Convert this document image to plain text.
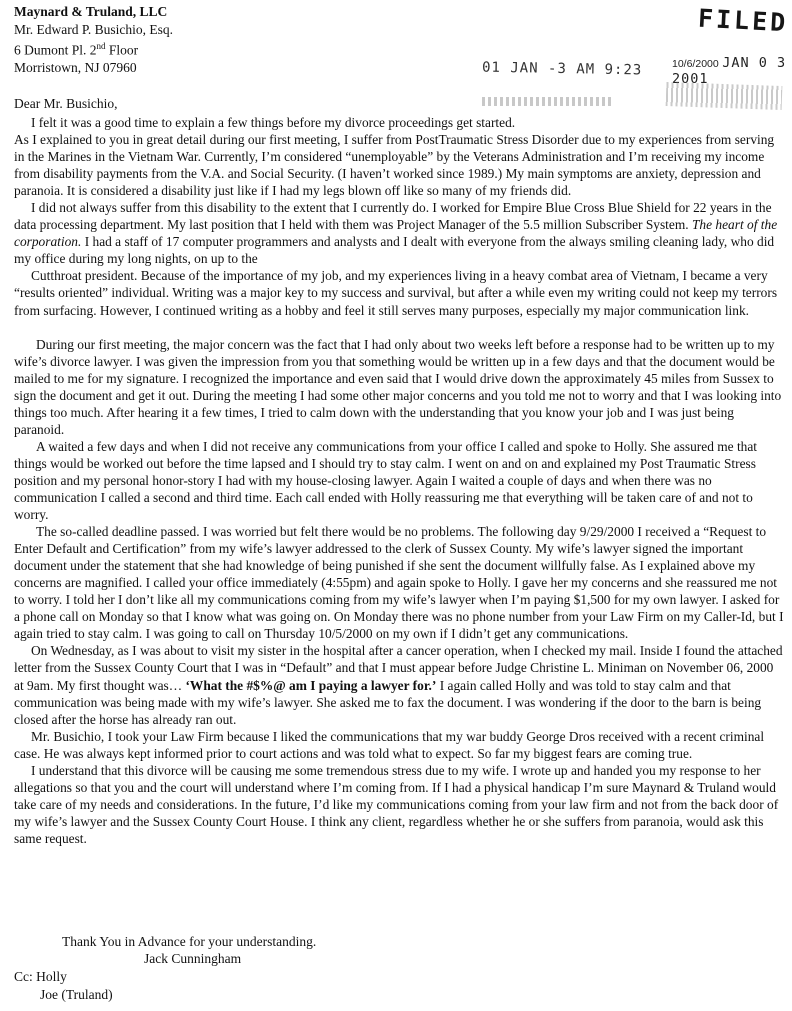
Maynard & Truland, LLC
Mr. Edward P. Busichio, Esq.
6 Dumont Pl. 2nd Floor
Morristown, NJ 07960
FILED
01 JAN -3 AM 9:23	10/6/2000 JAN 0 3 2001
Dear Mr. Busichio,

I felt it was a good time to explain a few things before my divorce proceedings get started.

As I explained to you in great detail during our first meeting, I suffer from PostTraumatic Stress Disorder due to my experiences from serving in the Marines in the Vietnam War. Currently, I’m considered “unemployable” by the Veterans Administration and I’m receiving my income from disability payments from the V.A. and Social Security. (I haven’t worked since 1989.) My main symptoms are anxiety, depression and paranoia. It is considered a disability just like if I had my legs blown off like so many of my friends did.

I did not always suffer from this disability to the extent that I currently do. I worked for Empire Blue Cross Blue Shield for 22 years in the data processing department. My last position that I held with them was Project Manager of the 5.5 million Subscriber System. The heart of the corporation. I had a staff of 17 computer programmers and analysts and I dealt with everyone from the always smiling cleaning lady, who did my office during my long nights, on up to the
Cutthroat president. Because of the importance of my job, and my experiences living in a heavy combat area of Vietnam, I became a very “results oriented” individual. Writing was a major key to my success and survival, but after a while even my writing could not keep my terrors from surfacing. However, I continued writing as a hobby and feel it still serves many purposes, especially my major communication link.

During our first meeting, the major concern was the fact that I had only about two weeks left before a response had to be written up to my wife’s divorce lawyer. I was given the impression from you that something would be written up in a few days and that the document would be mailed to me for my signature. I recognized the importance and even said that I would drive down the approximately 45 miles from Sussex to sign the document and get it out. During the meeting I had some other major concerns and you told me not to worry and that I was looking into things too much. After hearing it a few times, I tried to calm down with the understanding that you know your job and I was just being paranoid.

A waited a few days and when I did not receive any communications from your office I called and spoke to Holly. She assured me that things would be worked out before the time lapsed and I should try to stay calm. I went on and on and explained my Post Traumatic Stress position and my personal honor-story I had with my house-closing lawyer. Again I waited a couple of days and when there was no communication I called a second and third time. Each call ended with Holly reassuring me that everything will be taken care of and not to worry.

The so-called deadline passed. I was worried but felt there would be no problems. The following day 9/29/2000 I received a “Request to Enter Default and Certification” from my wife’s lawyer addressed to the clerk of Sussex County. My wife’s lawyer signed the important document under the statement that she had knowledge of being punished if she sent the document willfully false. As I explained above my concerns are magnified. I called your office immediately (4:55pm) and again spoke to Holly. I gave her my concerns and she reassured me not to worry. I told her I don’t like all my communications coming from my wife’s lawyer when I’m paying $1,500 for my own lawyer. I asked for a phone call on Monday so that I know what was going on. On Monday there was no phone number from your Law Firm on my Caller-Id, but I again tried to stay calm. I was going to call on Thursday 10/5/2000 on my own if I didn’t get any communications.

On Wednesday, as I was about to visit my sister in the hospital after a cancer operation, when I checked my mail. Inside I found the attached letter from the Sussex County Court that I was in “Default” and that I must appear before Judge Christine L. Miniman on November 06, 2000 at 9am. My first thought was… ‘What the #$%@ am I paying a lawyer for.’ I again called Holly and was told to stay calm and that communication was being made with my wife’s lawyer. She asked me to fax the document. I was wondering if the door to the barn is being closed after the horse has already ran out.

Mr. Busichio, I took your Law Firm because I liked the communications that my war buddy George Dros received with a recent criminal case. He was always kept informed prior to court actions and was told what to expect. So far my biggest fears are coming true.

I understand that this divorce will be causing me some tremendous stress due to my wife. I wrote up and handed you my response to her allegations so that you and the court will understand where I’m coming from. If I had a physical handicap I’m sure Maynard & Truland would take care of my needs and considerations. In the future, I’d like my communications coming from your law firm and not from the back door of my wife’s lawyer and the Sussex County Court House. I think any client, regardless whether he or she suffers from paranoia, would ask this same request.

Thank You in Advance for your understanding.
Jack Cunningham
Cc: Holly
Joe (Truland)
